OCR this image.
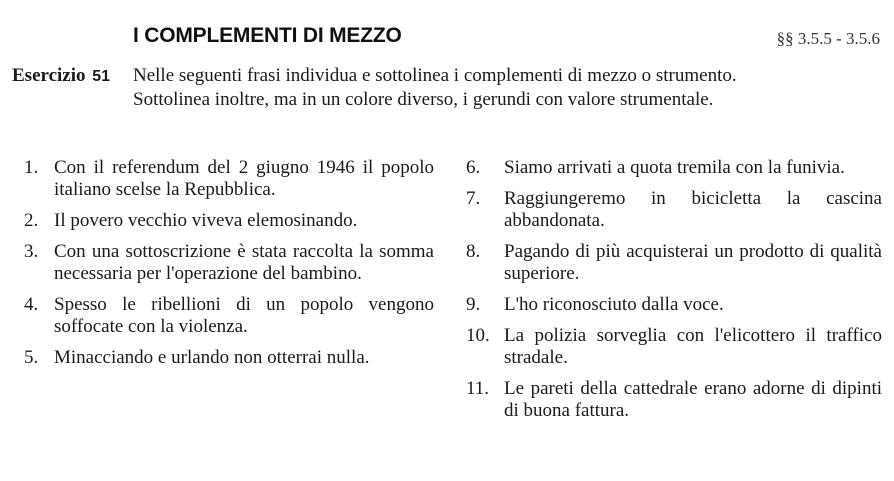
I COMPLEMENTI DI MEZZO	§§ 3.5.5 - 3.5.6
Esercizio 51	Nelle seguenti frasi individua e sottolinea i complementi di mezzo o strumento. Sottolinea inoltre, ma in un colore diverso, i gerundi con valore strumentale.
1. Con il referendum del 2 giugno 1946 il popolo italiano scelse la Repubblica.
2. Il povero vecchio viveva elemosinando.
3. Con una sottoscrizione è stata raccolta la somma necessaria per l'operazione del bambino.
4. Spesso le ribellioni di un popolo vengono soffocate con la violenza.
5. Minacciando e urlando non otterrai nulla.
6.	Siamo arrivati a quota tremila con la funivia.
7.	Raggiungeremo in bicicletta la cascina abbandonata.
8.	Pagando di più acquisterai un prodotto di qualità superiore.
9.	L'ho riconosciuto dalla voce.
10. La polizia sorveglia con l'elicottero il traffico stradale.
11. Le pareti della cattedrale erano adorne di dipinti di buona fattura.
